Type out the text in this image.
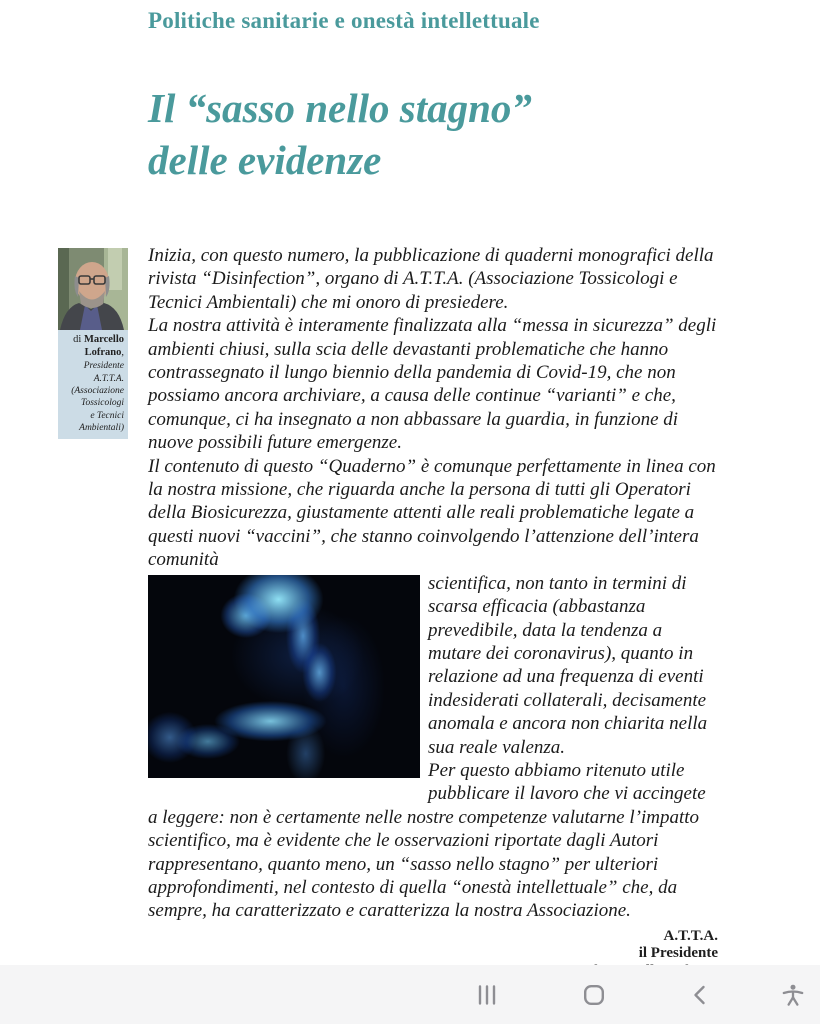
Politiche sanitarie e onestà intellettuale
Il “sasso nello stagno”
delle evidenze
di Marcello Lofrano,
Presidente
A.T.T.A.
(Associazione
Tossicologi
e Tecnici
Ambientali)

Inizia, con questo numero, la pubblicazione di quaderni monografici della rivista “Disinfection”, organo di A.T.T.A. (Associazione Tossicologi e Tecnici Ambientali) che mi onoro di presiedere.

La nostra attività è interamente finalizzata alla “messa in sicurezza” degli ambienti chiusi, sulla scia delle devastanti problematiche che hanno contrassegnato il lungo biennio della pandemia di Covid-19, che non possiamo ancora archiviare, a causa delle continue “varianti” e che, comunque, ci ha insegnato a non abbassare la guardia, in funzione di nuove possibili future emergenze.

Il contenuto di questo “Quaderno” è comunque perfettamente in linea con la nostra missione, che riguarda anche la persona di tutti gli Operatori della Biosicurezza, giustamente attenti alle reali problematiche legate a questi nuovi “vaccini”, che stanno coinvolgendo l’attenzione dell’intera comunità

scientifica, non tanto in termini di scarsa efficacia (abbastanza prevedibile, data la tendenza a mutare dei coronavirus), quanto in relazione ad una frequenza di eventi indesiderati collaterali, decisamente anomala e ancora non chiarita nella sua reale valenza.

Per questo abbiamo ritenuto utile pubblicare il lavoro che vi accingete a leggere: non è certamente nelle nostre competenze valutarne l’impatto scientifico, ma è evidente che le osservazioni riportate dagli Autori rappresentano, quanto meno, un “sasso nello stagno” per ulteriori approfondimenti, nel contesto di quella “onestà intellettuale” che, da sempre, ha caratterizzato e caratterizza la nostra Associazione.

A.T.T.A.
il Presidente
